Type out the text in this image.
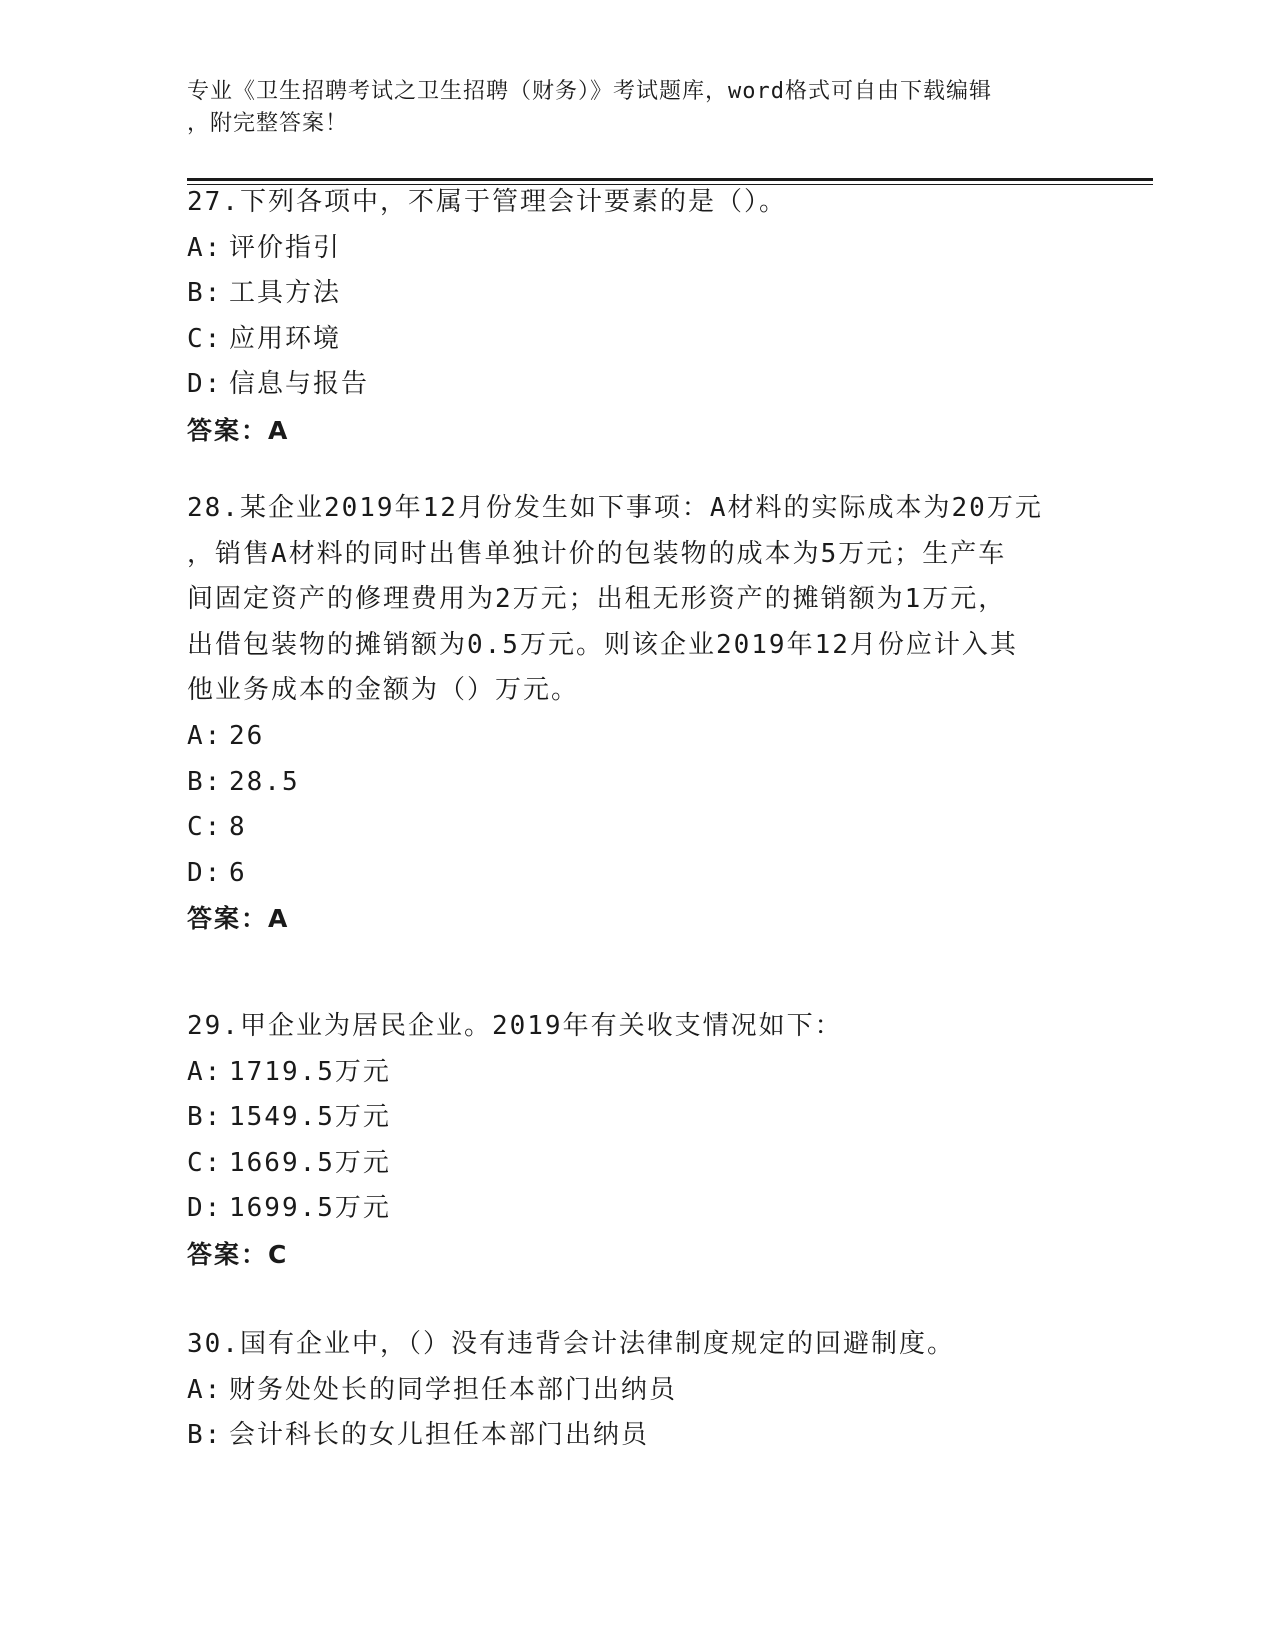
专业《卫生招聘考试之卫生招聘（财务）》考试题库，word格式可自由下载编辑
，附完整答案！
27.下列各项中，不属于管理会计要素的是（）。
A: 评价指引
B: 工具方法
C: 应用环境
D: 信息与报告
答案：A
28.某企业2019年12月份发生如下事项：A材料的实际成本为20万元
，销售A材料的同时出售单独计价的包装物的成本为5万元；生产车
间固定资产的修理费用为2万元；出租无形资产的摊销额为1万元，
出借包装物的摊销额为0.5万元。则该企业2019年12月份应计入其
他业务成本的金额为（）万元。
A: 26
B: 28.5
C: 8
D: 6
答案：A
29.甲企业为居民企业。2019年有关收支情况如下：
A: 1719.5万元
B: 1549.5万元
C: 1669.5万元
D: 1699.5万元
答案：C
30.国有企业中，（）没有违背会计法律制度规定的回避制度。
A: 财务处处长的同学担任本部门出纳员
B: 会计科长的女儿担任本部门出纳员
